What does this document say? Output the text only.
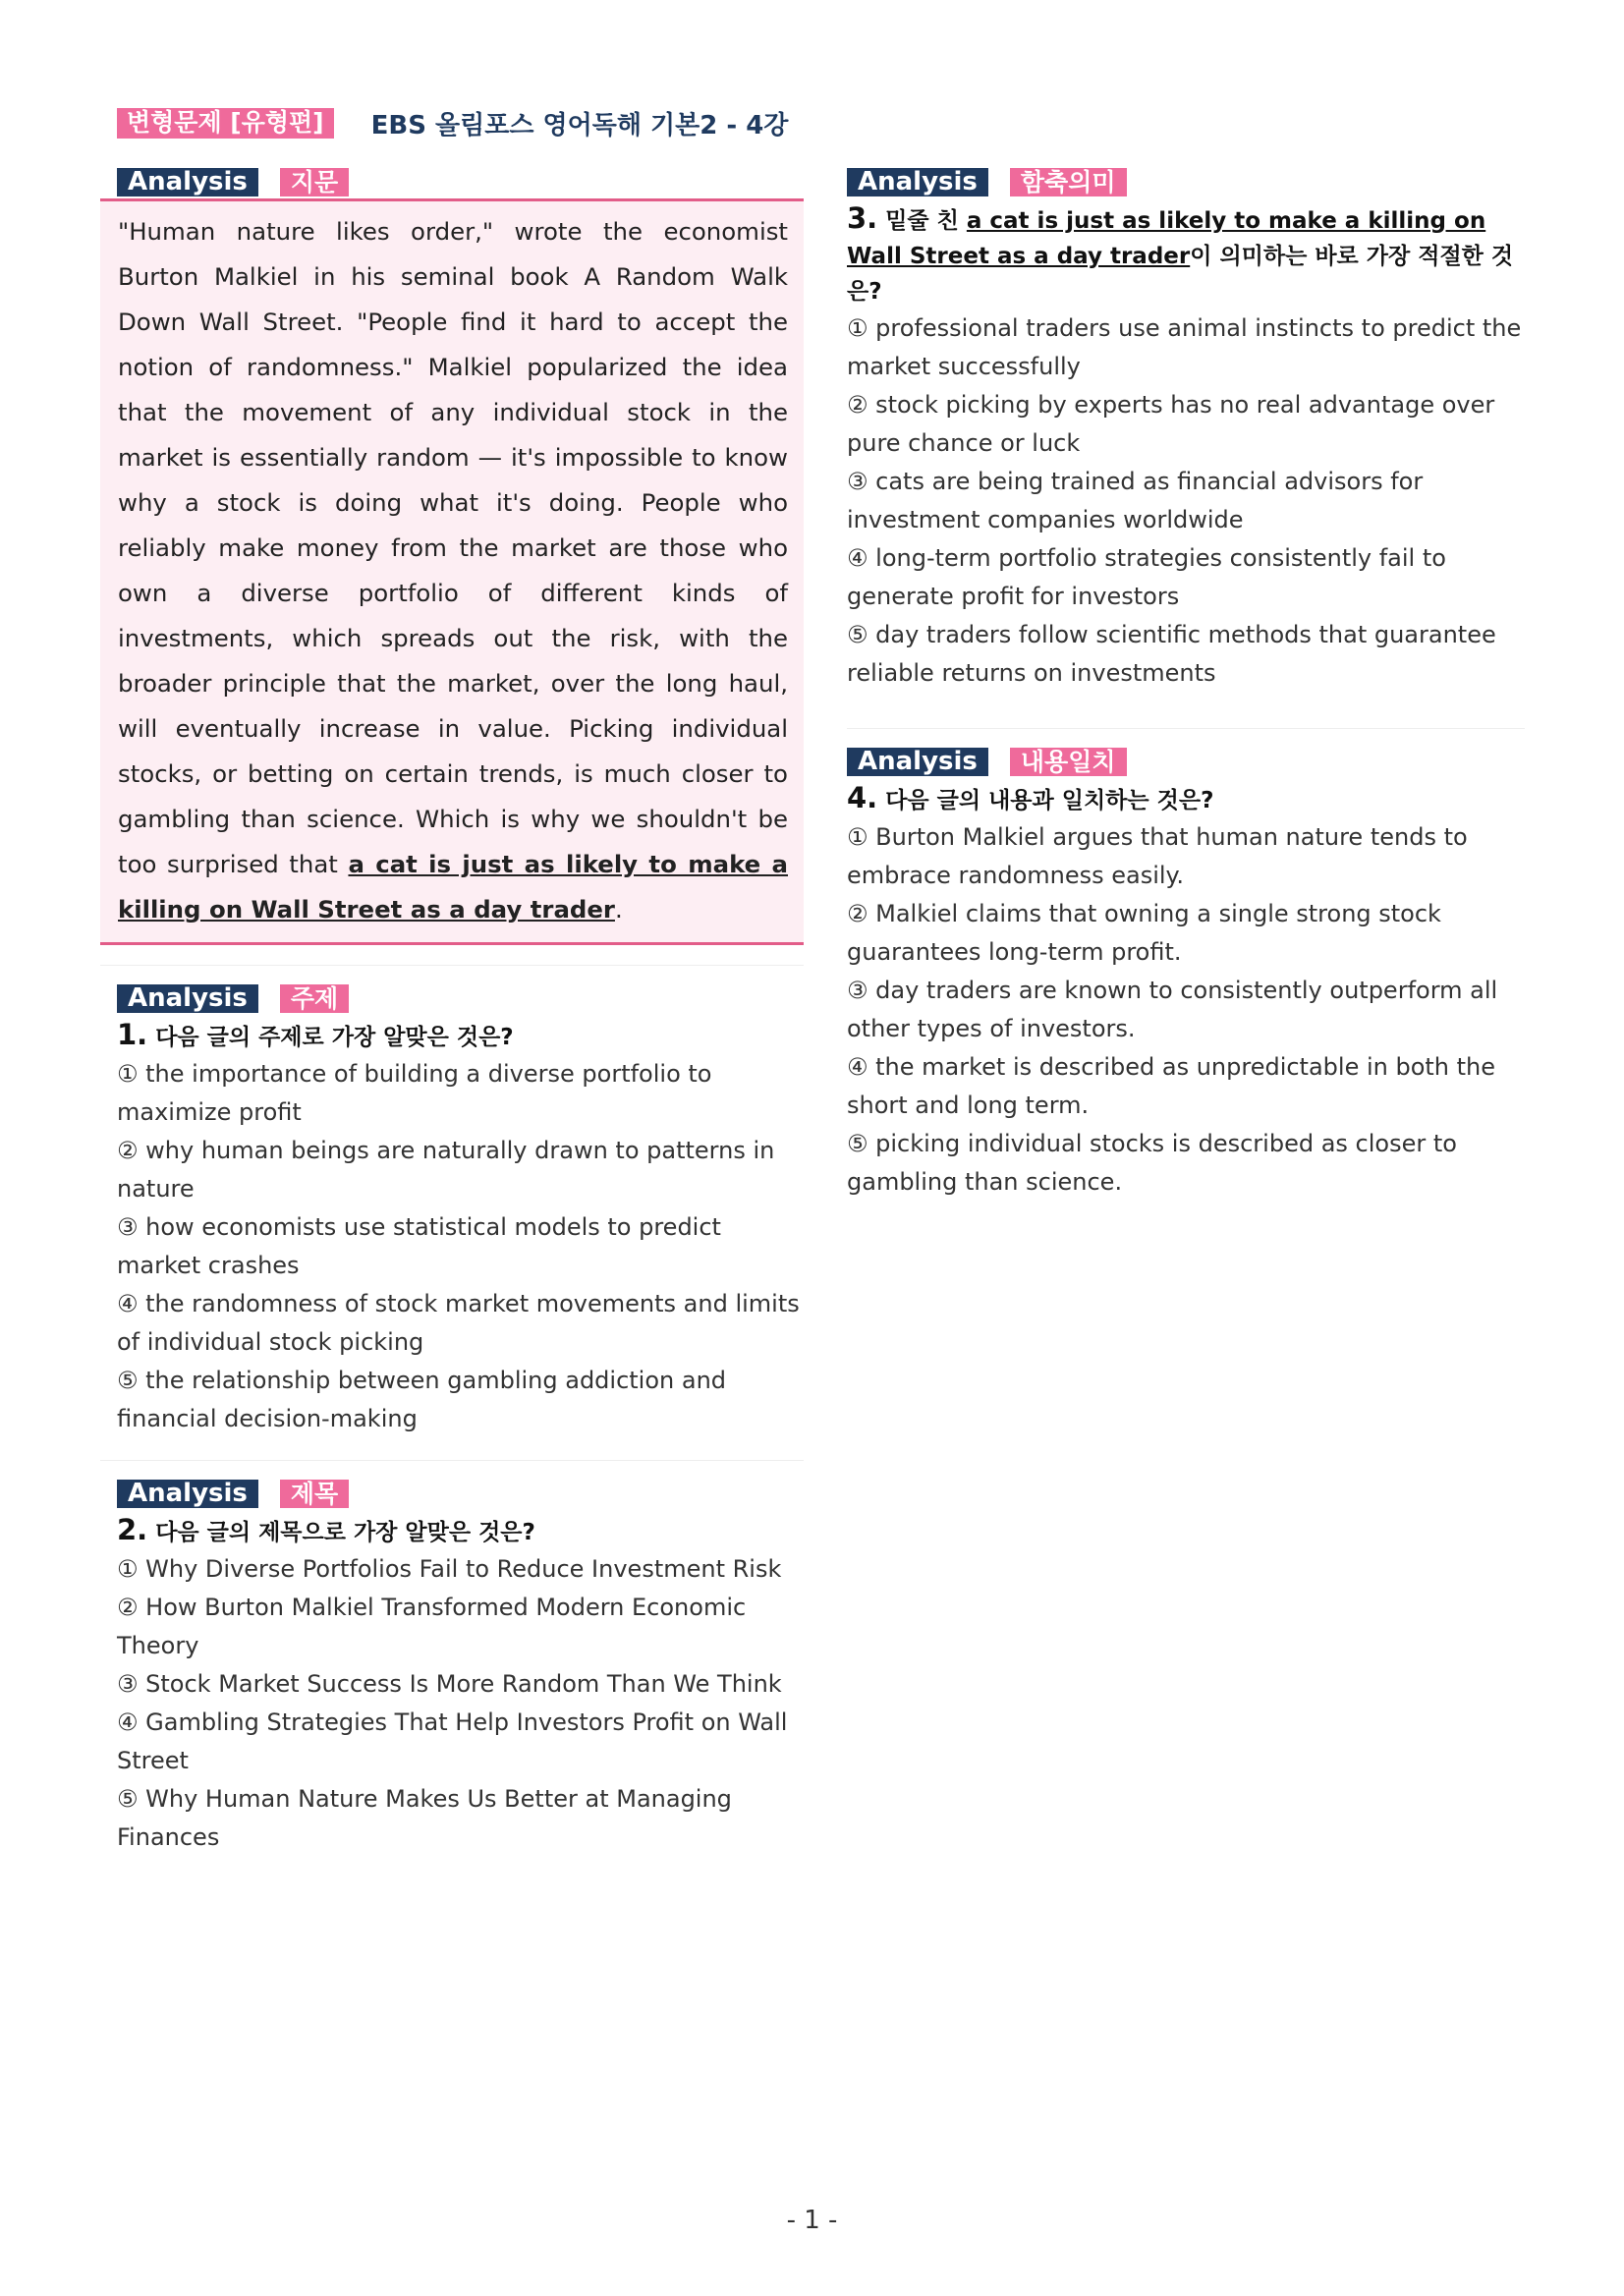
변형문제 [유형편]	EBS 올림포스 영어독해 기본2 - 4강
Analysis	지문

"Human nature likes order," wrote the economist Burton Malkiel in his seminal book A Random Walk Down Wall Street. "People find it hard to accept the notion of randomness." Malkiel popularized the idea that the movement of any individual stock in the market is essentially random — it's impossible to know why a stock is doing what it's doing. People who reliably make money from the market are those who own a diverse portfolio of different kinds of investments, which spreads out the risk, with the broader principle that the market, over the long haul, will eventually increase in value. Picking individual stocks, or betting on certain trends, is much closer to gambling than science. Which is why we shouldn't be too surprised that a cat is just as likely to make a killing on Wall Street as a day trader.

Analysis	주제
1. 다음 글의 주제로 가장 알맞은 것은?
① the importance of building a diverse portfolio to maximize profit
② why human beings are naturally drawn to patterns in nature
③ how economists use statistical models to predict market crashes
④ the randomness of stock market movements and limits of individual stock picking
⑤ the relationship between gambling addiction and financial decision-making
Analysis	제목
2. 다음 글의 제목으로 가장 알맞은 것은?
① Why Diverse Portfolios Fail to Reduce Investment Risk
② How Burton Malkiel Transformed Modern Economic Theory
③ Stock Market Success Is More Random Than We Think
④ Gambling Strategies That Help Investors Profit on Wall Street
⑤ Why Human Nature Makes Us Better at Managing Finances
Analysis	함축의미
3. 밑줄 친 a cat is just as likely to make a killing on Wall Street as a day trader이 의미하는 바로 가장 적절한 것은?
① professional traders use animal instincts to predict the market successfully
② stock picking by experts has no real advantage over pure chance or luck
③ cats are being trained as financial advisors for investment companies worldwide
④ long-term portfolio strategies consistently fail to generate profit for investors
⑤ day traders follow scientific methods that guarantee reliable returns on investments
Analysis	내용일치
4. 다음 글의 내용과 일치하는 것은?
① Burton Malkiel argues that human nature tends to embrace randomness easily.
② Malkiel claims that owning a single strong stock guarantees long-term profit.
③ day traders are known to consistently outperform all other types of investors.
④ the market is described as unpredictable in both the short and long term.
⑤ picking individual stocks is described as closer to gambling than science.
- 1 -
